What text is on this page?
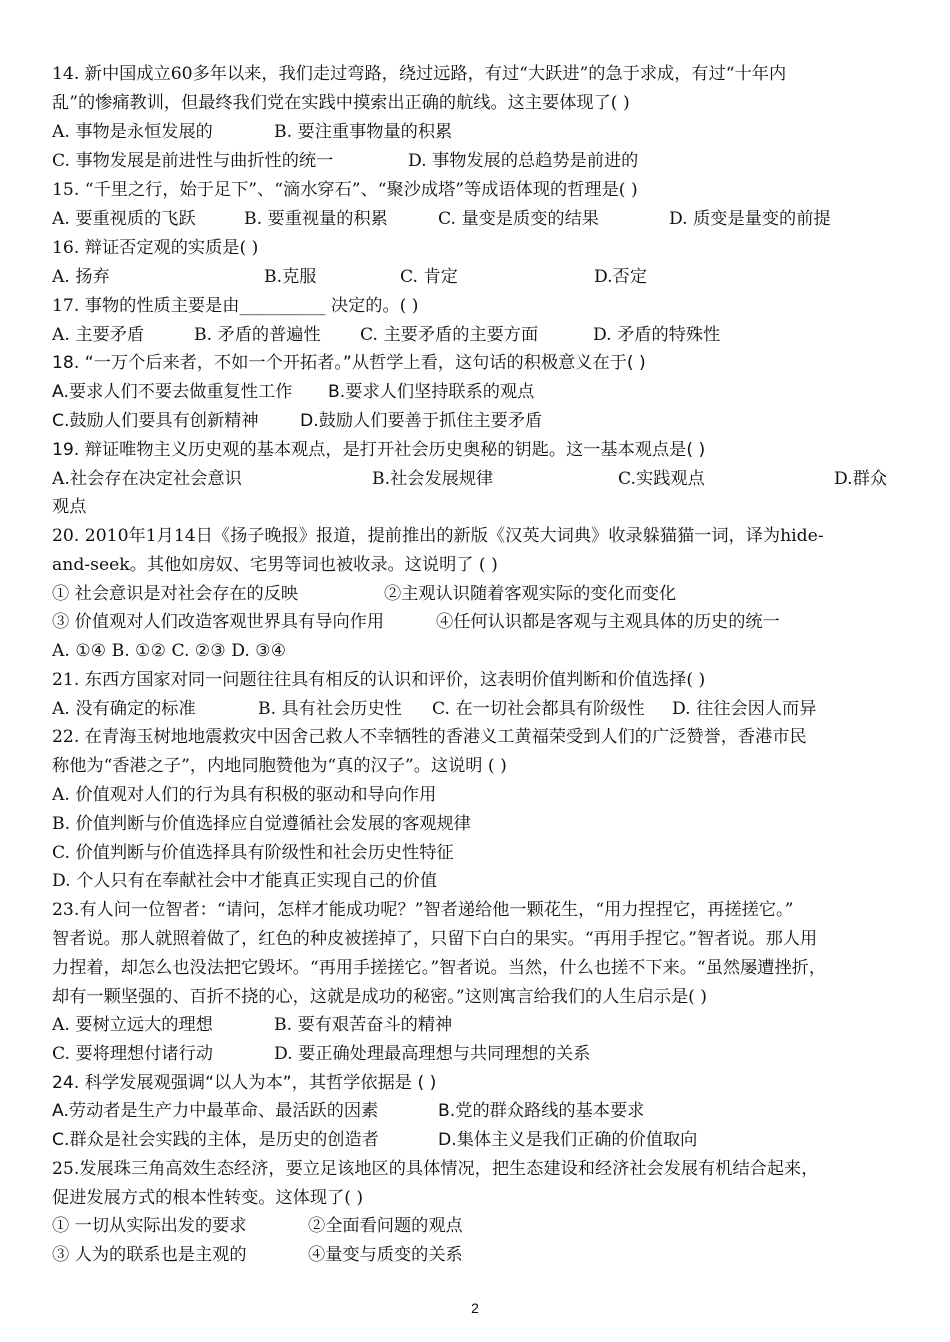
14. 新中国成立60多年以来，我们走过弯路，绕过远路，有过“大跃进”的急于求成，有过“十年内
乱”的惨痛教训，但最终我们党在实践中摸索出正确的航线。这主要体现了( )
A. 事物是永恒发展的	B. 要注重事物量的积累
C. 事物发展是前进性与曲折性的统一	D. 事物发展的总趋势是前进的
15. “千里之行，始于足下”、“滴水穿石”、“聚沙成塔”等成语体现的哲理是( )
A. 要重视质的飞跃	B. 要重视量的积累	C. 量变是质变的结果	D. 质变是量变的前提
16. 辩证否定观的实质是( )
A. 扬弃	B.克服	C. 肯定	D.否定
17. 事物的性质主要是由__________ 决定的。( )
A. 主要矛盾	B. 矛盾的普遍性 C. 主要矛盾的主要方面	D. 矛盾的特殊性
18. “一万个后来者，不如一个开拓者。”从哲学上看，这句话的积极意义在于( )
A.要求人们不要去做重复性工作 B.要求人们坚持联系的观点
C.鼓励人们要具有创新精神 D.鼓励人们要善于抓住主要矛盾
19. 辩证唯物主义历史观的基本观点，是打开社会历史奥秘的钥匙。这一基本观点是( )
A.社会存在决定社会意识	B.社会发展规律	C.实践观点	D.群众
观点
20. 2010年1月14日《扬子晚报》报道，提前推出的新版《汉英大词典》收录躲猫猫一词，译为hide-
and-seek。其他如房奴、宅男等词也被收录。这说明了 ( )
① 社会意识是对社会存在的反映	②主观认识随着客观实际的变化而变化
③ 价值观对人们改造客观世界具有导向作用	④任何认识都是客观与主观具体的历史的统一
A. ①④ B. ①② C. ②③ D. ③④
21. 东西方国家对同一问题往往具有相反的认识和评价，这表明价值判断和价值选择( )
A. 没有确定的标准	B. 具有社会历史性 C. 在一切社会都具有阶级性 D. 往往会因人而异
22. 在青海玉树地地震救灾中因舍己救人不幸牺牲的香港义工黄福荣受到人们的广泛赞誉，香港市民
称他为“香港之子”，内地同胞赞他为“真的汉子”。这说明 ( )
A. 价值观对人们的行为具有积极的驱动和导向作用
B. 价值判断与价值选择应自觉遵循社会发展的客观规律
C. 价值判断与价值选择具有阶级性和社会历史性特征
D. 个人只有在奉献社会中才能真正实现自己的价值
23.有人问一位智者：“请问，怎样才能成功呢？”智者递给他一颗花生，“用力捏捏它，再搓搓它。”
智者说。那人就照着做了，红色的种皮被搓掉了，只留下白白的果实。“再用手捏它。”智者说。那人用
力捏着，却怎么也没法把它毁坏。“再用手搓搓它。”智者说。当然，什么也搓不下来。“虽然屡遭挫折，
却有一颗坚强的、百折不挠的心，这就是成功的秘密。”这则寓言给我们的人生启示是( )
A. 要树立远大的理想	B. 要有艰苦奋斗的精神
C. 要将理想付诸行动	D. 要正确处理最高理想与共同理想的关系
24. 科学发展观强调“以人为本”，其哲学依据是 ( )
A.劳动者是生产力中最革命、最活跃的因素	B.党的群众路线的基本要求
C.群众是社会实践的主体，是历史的创造者	D.集体主义是我们正确的价值取向
25.发展珠三角高效生态经济，要立足该地区的具体情况，把生态建设和经济社会发展有机结合起来，
促进发展方式的根本性转变。这体现了( )
① 一切从实际出发的要求	②全面看问题的观点
③ 人为的联系也是主观的	④量变与质变的关系
2
